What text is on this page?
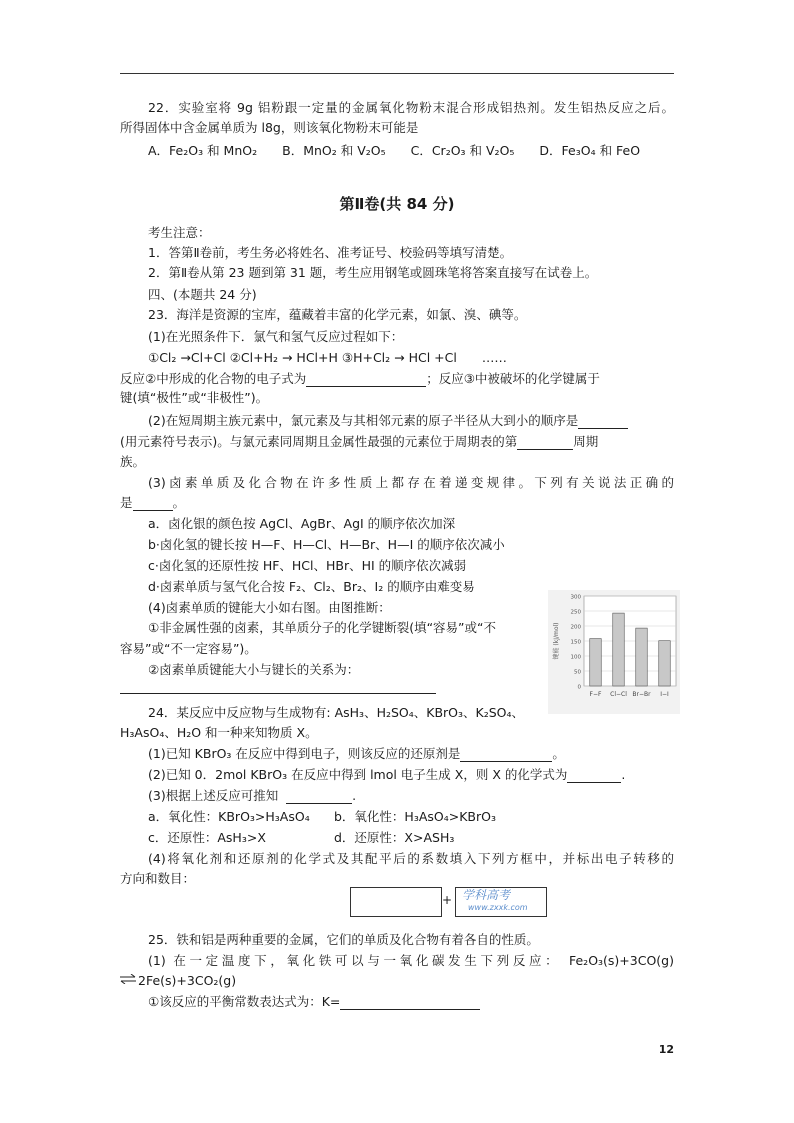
22．实验室将 9g 铝粉跟一定量的金属氧化物粉末混合形成铝热剂。发生铝热反应之后。
所得固体中含金属单质为 l8g，则该氧化物粉末可能是
A．Fe₂O₃ 和 MnO₂　　B．MnO₂ 和 V₂O₅　　C．Cr₂O₃ 和 V₂O₅　　D．Fe₃O₄ 和 FeO
第Ⅱ卷(共 84 分)
考生注意：
1．答第Ⅱ卷前，考生务必将姓名、准考证号、校验码等填写清楚。
2．第Ⅱ卷从第 23 题到第 31 题，考生应用钢笔或圆珠笔将答案直接写在试卷上。
四、(本题共 24 分)
23．海洋是资源的宝库，蕴藏着丰富的化学元素，如氯、溴、碘等。
(1)在光照条件下．氯气和氢气反应过程如下：
①Cl₂ →Cl+Cl ②Cl+H₂ → HCl+H ③H+Cl₂ → HCl +Cl　　……
反应②中形成的化合物的电子式为	；反应③中被破坏的化学键属于
键(填“极性”或“非极性”)。
(2)在短周期主族元素中，氯元素及与其相邻元素的原子半径从大到小的顺序是
(用元素符号表示)。与氯元素同周期且金属性最强的元素位于周期表的第	周期
族。
(3)卤素单质及化合物在许多性质上都存在着递变规律。下列有关说法正确的
是	。
a．卤化银的颜色按 AgCl、AgBr、AgI 的顺序依次加深
b·卤化氢的键长按 H—F、H—Cl、H—Br、H—I 的顺序依次减小
c·卤化氢的还原性按 HF、HCl、HBr、HI 的顺序依次减弱
d·卤素单质与氢气化合按 F₂、Cl₂、Br₂、I₂ 的顺序由难变易
(4)卤素单质的键能大小如右图。由图推断：
①非金属性强的卤素，其单质分子的化学键断裂(填“容易”或“不
容易”或“不一定容易”)。
②卤素单质键能大小与键长的关系为：
0
50
100
150
200
250
300
键能 (kJ/mol)
F−F Cl−Cl Br−Br I−I
24．某反应中反应物与生成物有: AsH₃、H₂SO₄、KBrO₃、K₂SO₄、
H₃AsO₄、H₂O 和一种来知物质 X。
(1)已知 KBrO₃ 在反应中得到电子，则该反应的还原剂是	。
(2)已知 0．2mol KBrO₃ 在反应中得到 lmol 电子生成 X，则 X 的化学式为	.
(3)根据上述反应可推知	.
a．氧化性：KBrO₃>H₃AsO₄ b．氧化性：H₃AsO₄>KBrO₃
c．还原性：AsH₃>X	d．还原性：X>ASH₃
(4)将氧化剂和还原剂的化学式及其配平后的系数填入下列方框中，并标出电子转移的
方向和数目：
+ 学科高考
www.zxxk.com
25．铁和铝是两种重要的金属，它们的单质及化合物有着各自的性质。
(1) 在一定温度下，氧化铁可以与一氧化碳发生下列反应： Fe₂O₃(s)+3CO(g)
⇌ 2Fe(s)+3CO₂(g)
①该反应的平衡常数表达式为：K=
12
